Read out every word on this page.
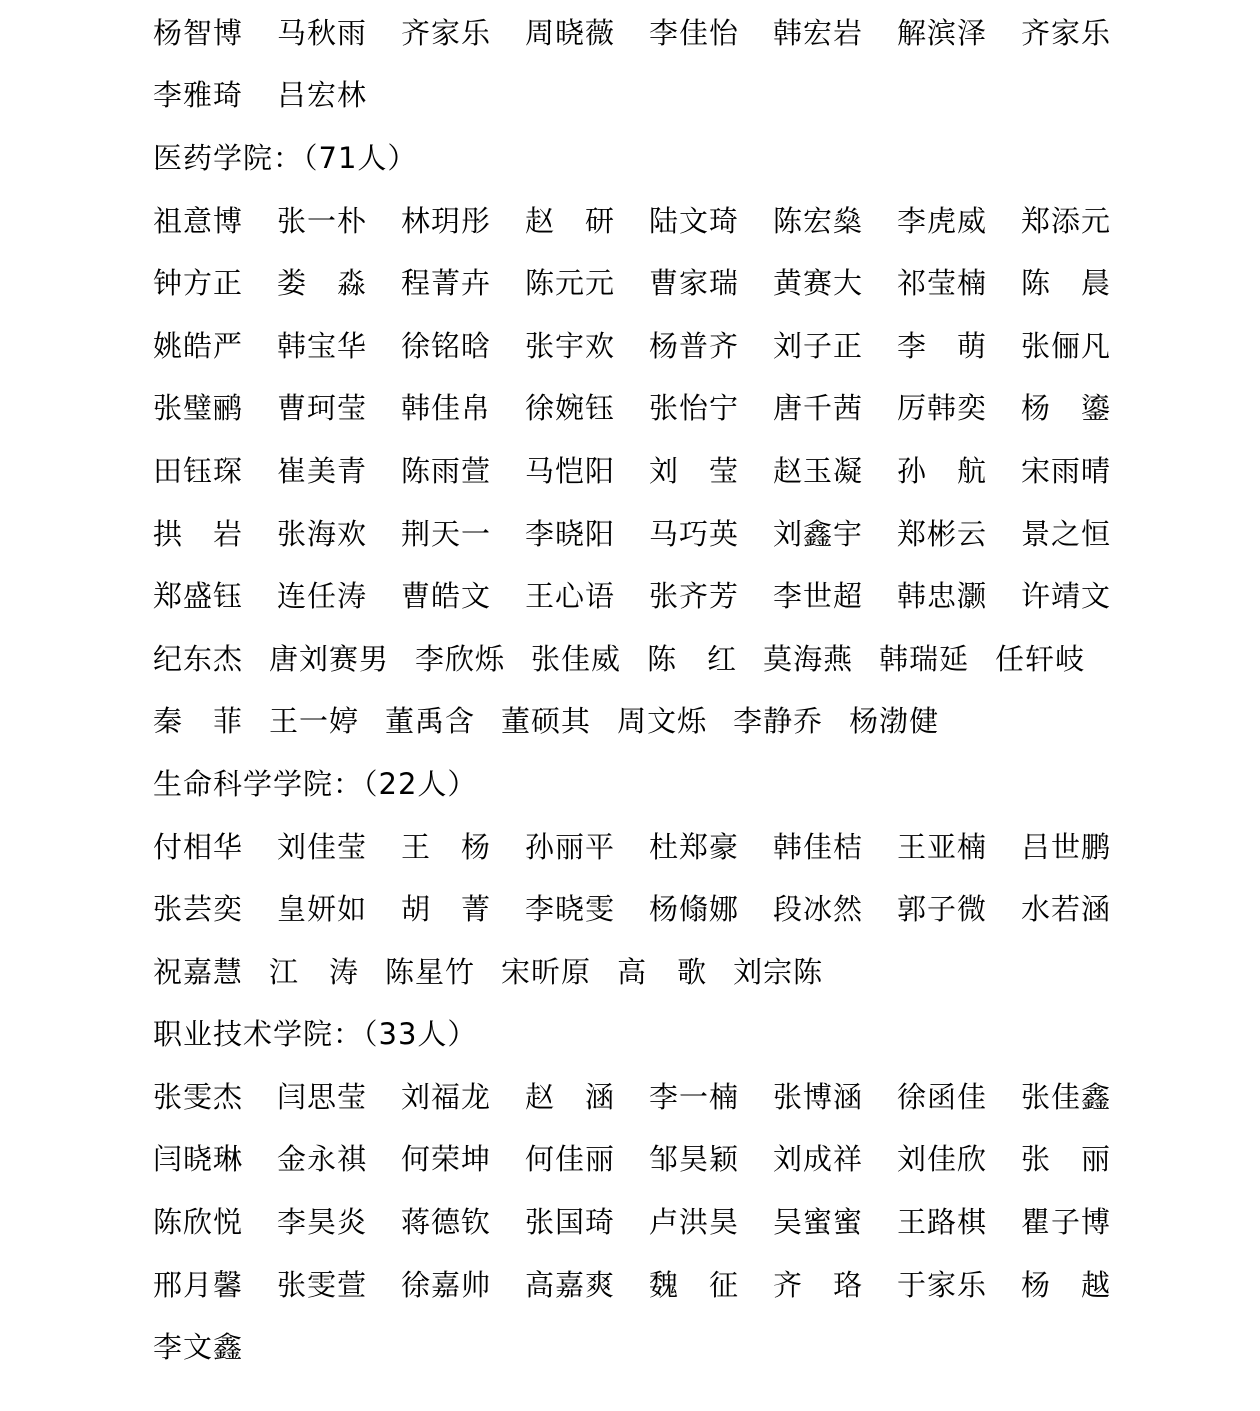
杨 智 博 马 秋 雨 齐 家 乐 周 晓 薇 李 佳 怡 韩 宏 岩 解 滨 泽 齐 家 乐
李 雅 琦 吕 宏 林
医药学院：（71人）
祖 意 博 张 一 朴 林 玥 彤 赵 研 陆 文 琦 陈 宏 燊 李 虎 威 郑 添 元
钟 方 正 娄 淼 程 菁 卉 陈 元 元 曹 家 瑞 黄 赛 大 祁 莹 楠 陈 晨
姚 皓 严 韩 宝 华 徐 铭 晗 张 宇 欢 杨 普 齐 刘 子 正 李 萌 张 俪 凡
张 璧 鹂 曹 珂 莹 韩 佳 帛 徐 婉 钰 张 怡 宁 唐 千 茜 厉 韩 奕 杨 鎏
田 钰 琛 崔 美 青 陈 雨 萱 马 恺 阳 刘 莹 赵 玉 凝 孙 航 宋 雨 晴
拱 岩 张 海 欢 荆 天 一 李 晓 阳 马 巧 英 刘 鑫 宇 郑 彬 云 景 之 恒
郑 盛 钰 连 任 涛 曹 皓 文 王 心 语 张 齐 芳 李 世 超 韩 忠 灏 许 靖 文
纪东杰 唐刘赛男 李欣烁 张佳威 陈　红 莫海燕 韩瑞延 任轩岐
秦　菲 王一婷 董禹含 董硕其 周文烁 李静乔 杨渤健
生命科学学院：（22人）
付 相 华 刘 佳 莹 王 杨 孙 丽 平 杜 郑 豪 韩 佳 桔 王 亚 楠 吕 世 鹏
张 芸 奕 皇 妍 如 胡 菁 李 晓 雯 杨 翛 娜 段 冰 然 郭 子 微 水 若 涵
祝嘉慧 江　涛 陈星竹 宋昕原 高　歌 刘宗陈
职业技术学院：（33人）
张 雯 杰 闫 思 莹 刘 福 龙 赵 涵 李 一 楠 张 博 涵 徐 函 佳 张 佳 鑫
闫 晓 琳 金 永 祺 何 荣 坤 何 佳 丽 邹 昊 颖 刘 成 祥 刘 佳 欣 张 丽
陈 欣 悦 李 昊 炎 蒋 德 钦 张 国 琦 卢 洪 昊 吴 蜜 蜜 王 路 棋 瞿 子 博
邢 月 馨 张 雯 萱 徐 嘉 帅 高 嘉 爽 魏 征 齐 珞 于 家 乐 杨 越
李 文 鑫
